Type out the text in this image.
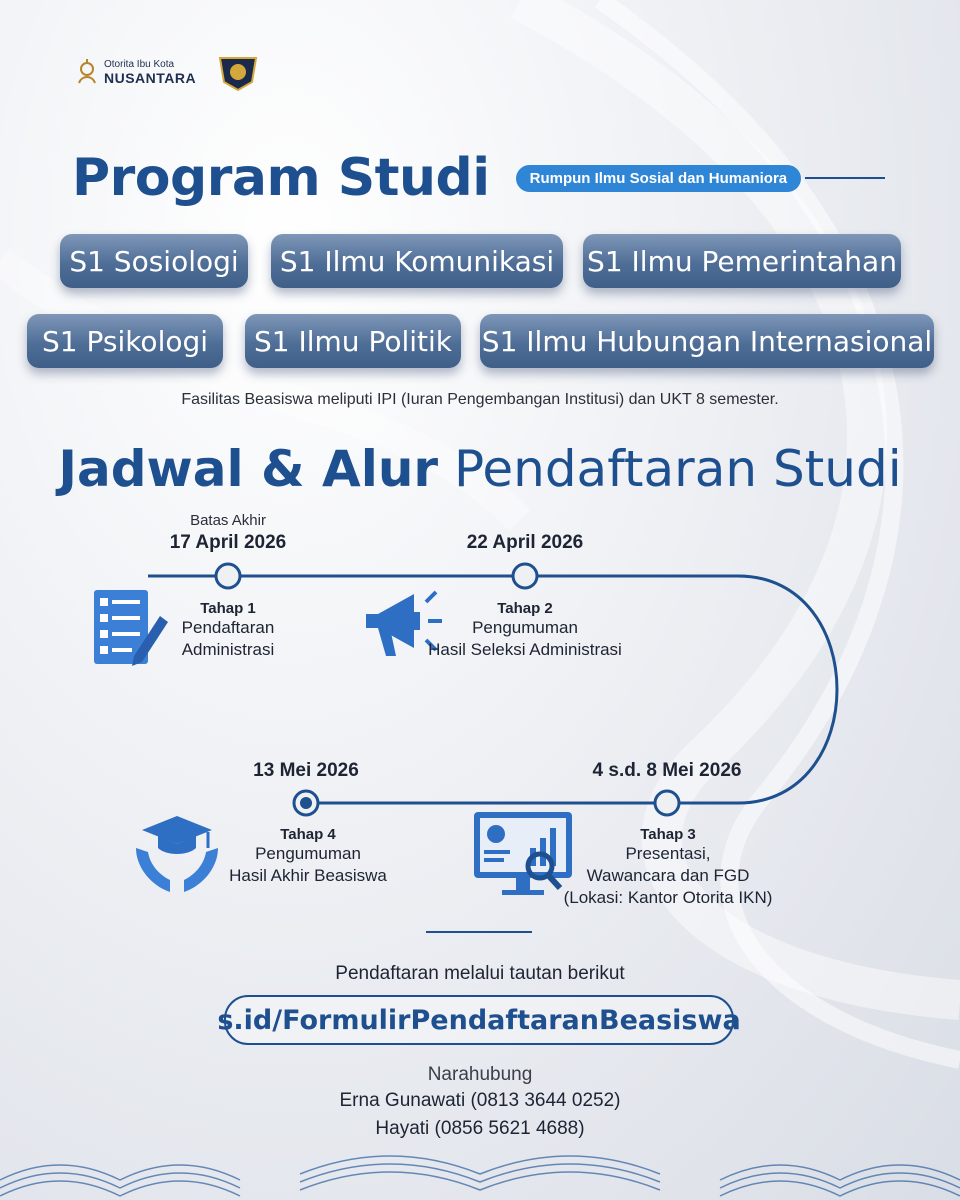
Otorita Ibu Kota
NUSANTARA
Program Studi	Rumpun Ilmu Sosial dan Humaniora
S1 Sosiologi	S1 Ilmu Komunikasi	S1 Ilmu Pemerintahan
S1 Psikologi	S1 Ilmu Politik	S1 Ilmu Hubungan Internasional
Fasilitas Beasiswa meliputi IPI (Iuran Pengembangan Institusi) dan UKT 8 semester.
Jadwal & Alur Pendaftaran Studi
Batas Akhir
17 April 2026
Tahap 1
Pendaftaran
Administrasi
22 April 2026
Tahap 2
Pengumuman
Hasil Seleksi Administrasi
13 Mei 2026
Tahap 4
Pengumuman
Hasil Akhir Beasiswa
4 s.d. 8 Mei 2026
Tahap 3
Presentasi,
Wawancara dan FGD
(Lokasi: Kantor Otorita IKN)
Pendaftaran melalui tautan berikut
s.id/FormulirPendaftaranBeasiswa
Narahubung
Erna Gunawati (0813 3644 0252)
Hayati (0856 5621 4688)
